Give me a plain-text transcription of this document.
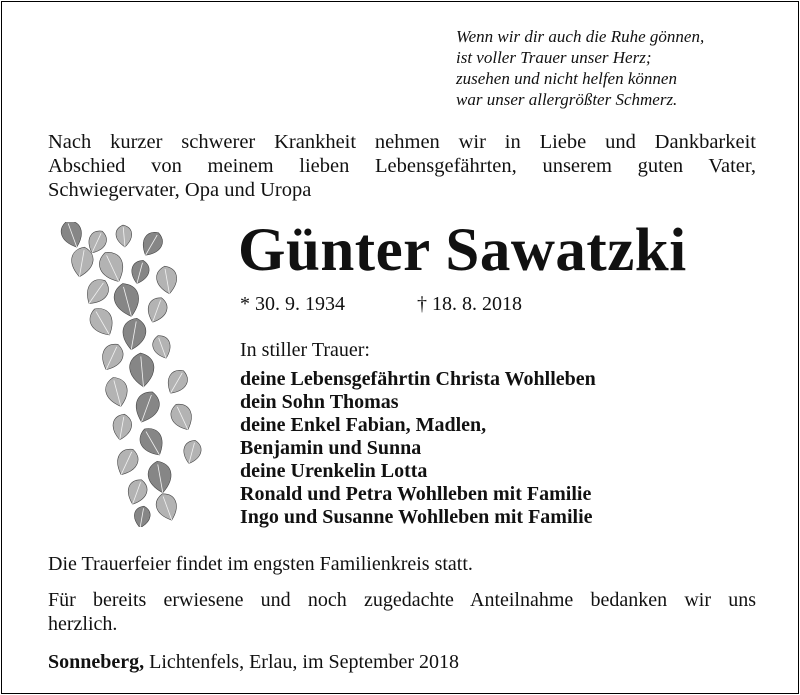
Wenn wir dir auch die Ruhe gönnen,
ist voller Trauer unser Herz;
zusehen und nicht helfen können
war unser allergrößter Schmerz.
Nach kurzer schwerer Krankheit nehmen wir in Liebe und Dankbarkeit
Abschied von meinem lieben Lebensgefährten, unserem guten Vater,
Schwiegervater, Opa und Uropa
Günter Sawatzki
* 30. 9. 1934	† 18. 8. 2018
In stiller Trauer:
deine Lebensgefährtin Christa Wohlleben
dein Sohn Thomas
deine Enkel Fabian, Madlen,
Benjamin und Sunna
deine Urenkelin Lotta
Ronald und Petra Wohlleben mit Familie
Ingo und Susanne Wohlleben mit Familie
Die Trauerfeier findet im engsten Familienkreis statt.
Für bereits erwiesene und noch zugedachte Anteilnahme bedanken wir uns
herzlich.
Sonneberg, Lichtenfels, Erlau, im September 2018
